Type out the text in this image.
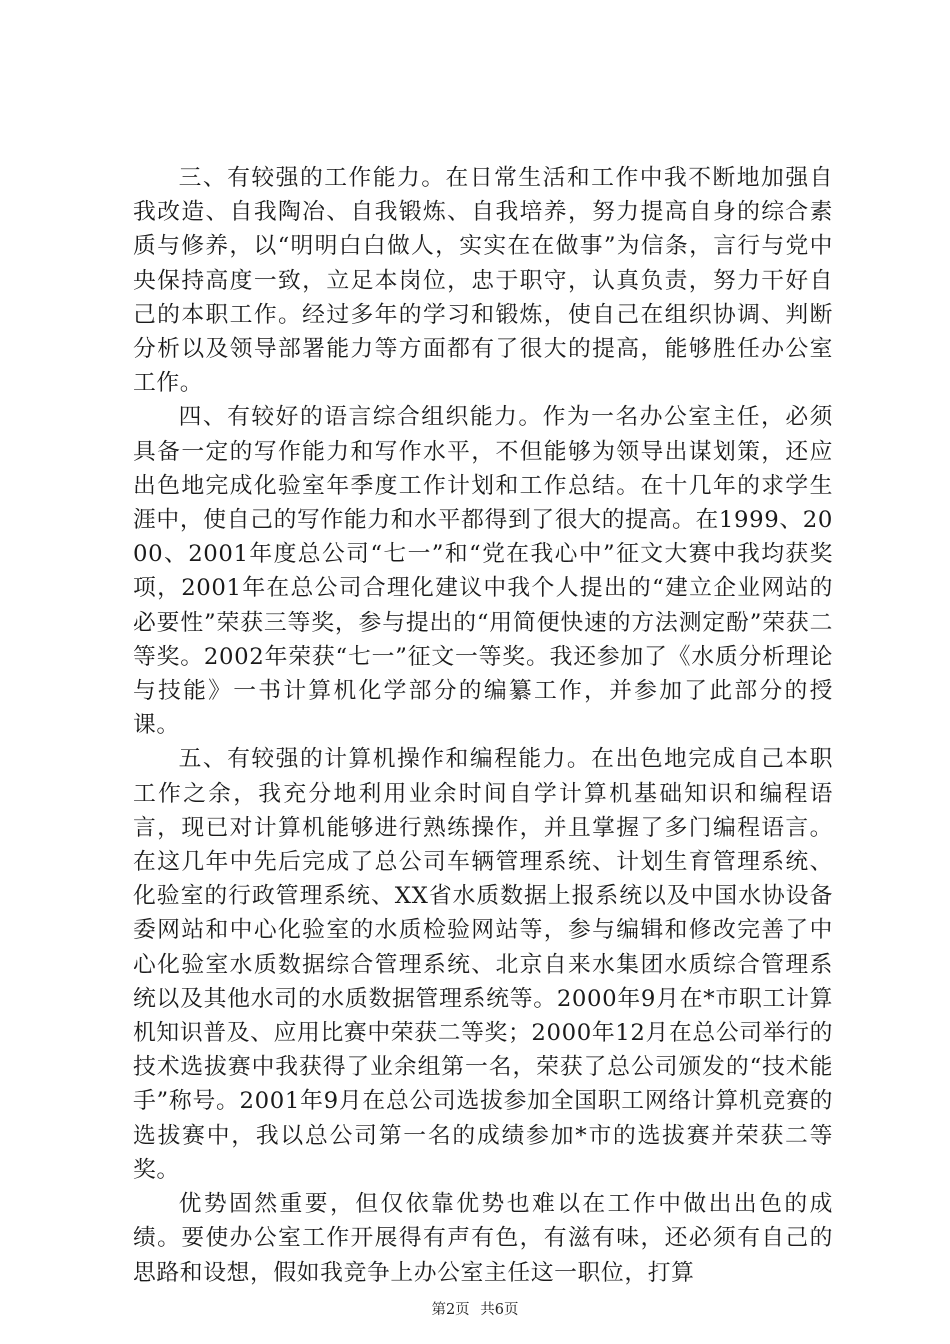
三、有较强的工作能力。在日常生活和工作中我不断地加强自我改造、自我陶冶、自我锻炼、自我培养，努力提高自身的综合素质与修养，以“明明白白做人，实实在在做事”为信条，言行与党中央保持高度一致，立足本岗位，忠于职守，认真负责，努力干好自己的本职工作。经过多年的学习和锻炼，使自己在组织协调、判断分析以及领导部署能力等方面都有了很大的提高，能够胜任办公室工作。

四、有较好的语言综合组织能力。作为一名办公室主任，必须具备一定的写作能力和写作水平，不但能够为领导出谋划策，还应出色地完成化验室年季度工作计划和工作总结。在十几年的求学生涯中，使自己的写作能力和水平都得到了很大的提高。在1999、2000、2001年度总公司“七一”和“党在我心中”征文大赛中我均获奖项，2001年在总公司合理化建议中我个人提出的“建立企业网站的必要性”荣获三等奖，参与提出的“用简便快速的方法测定酚”荣获二等奖。2002年荣获“七一”征文一等奖。我还参加了《水质分析理论与技能》一书计算机化学部分的编纂工作，并参加了此部分的授课。

五、有较强的计算机操作和编程能力。在出色地完成自己本职工作之余，我充分地利用业余时间自学计算机基础知识和编程语言，现已对计算机能够进行熟练操作，并且掌握了多门编程语言。在这几年中先后完成了总公司车辆管理系统、计划生育管理系统、化验室的行政管理系统、XX省水质数据上报系统以及中国水协设备委网站和中心化验室的水质检验网站等，参与编辑和修改完善了中心化验室水质数据综合管理系统、北京自来水集团水质综合管理系统以及其他水司的水质数据管理系统等。2000年9月在*市职工计算机知识普及、应用比赛中荣获二等奖；2000年12月在总公司举行的技术选拔赛中我获得了业余组第一名，荣获了总公司颁发的“技术能手”称号。2001年9月在总公司选拔参加全国职工网络计算机竞赛的选拔赛中，我以总公司第一名的成绩参加*市的选拔赛并荣获二等奖。

优势固然重要，但仅依靠优势也难以在工作中做出出色的成绩。要使办公室工作开展得有声有色，有滋有味，还必须有自己的思路和设想，假如我竞争上办公室主任这一职位，打算

第2页 共6页
